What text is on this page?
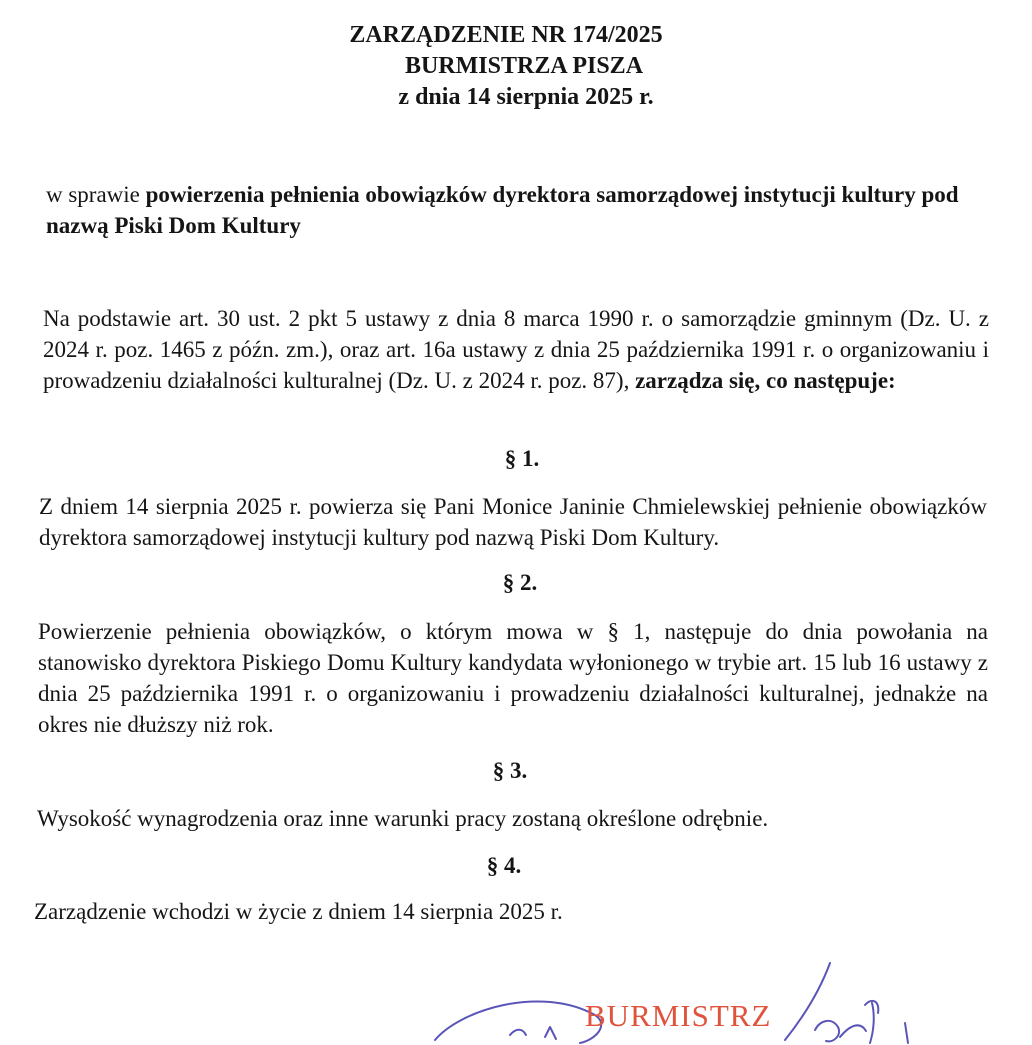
ZARZĄDZENIE NR 174/2025
BURMISTRZA PISZA
z dnia 14 sierpnia 2025 r.
w sprawie powierzenia pełnienia obowiązków dyrektora samorządowej instytucji kultury pod nazwą Piski Dom Kultury
Na podstawie art. 30 ust. 2 pkt 5 ustawy z dnia 8 marca 1990 r. o samorządzie gminnym (Dz. U. z 2024 r. poz. 1465 z późn. zm.), oraz art. 16a ustawy z dnia 25 października 1991 r. o organizowaniu i prowadzeniu działalności kulturalnej (Dz. U. z 2024 r. poz. 87), zarządza się, co następuje:
§ 1.
Z dniem 14 sierpnia 2025 r. powierza się Pani Monice Janinie Chmielewskiej pełnienie obowiązków dyrektora samorządowej instytucji kultury pod nazwą Piski Dom Kultury.
§ 2.
Powierzenie pełnienia obowiązków, o którym mowa w § 1, następuje do dnia powołania na stanowisko dyrektora Piskiego Domu Kultury kandydata wyłonionego w trybie art. 15 lub 16 ustawy z dnia 25 października 1991 r. o organizowaniu i prowadzeniu działalności kulturalnej, jednakże na okres nie dłuższy niż rok.
§ 3.
Wysokość wynagrodzenia oraz inne warunki pracy zostaną określone odrębnie.
§ 4.
Zarządzenie wchodzi w życie z dniem 14 sierpnia 2025 r.
BURMISTRZ
